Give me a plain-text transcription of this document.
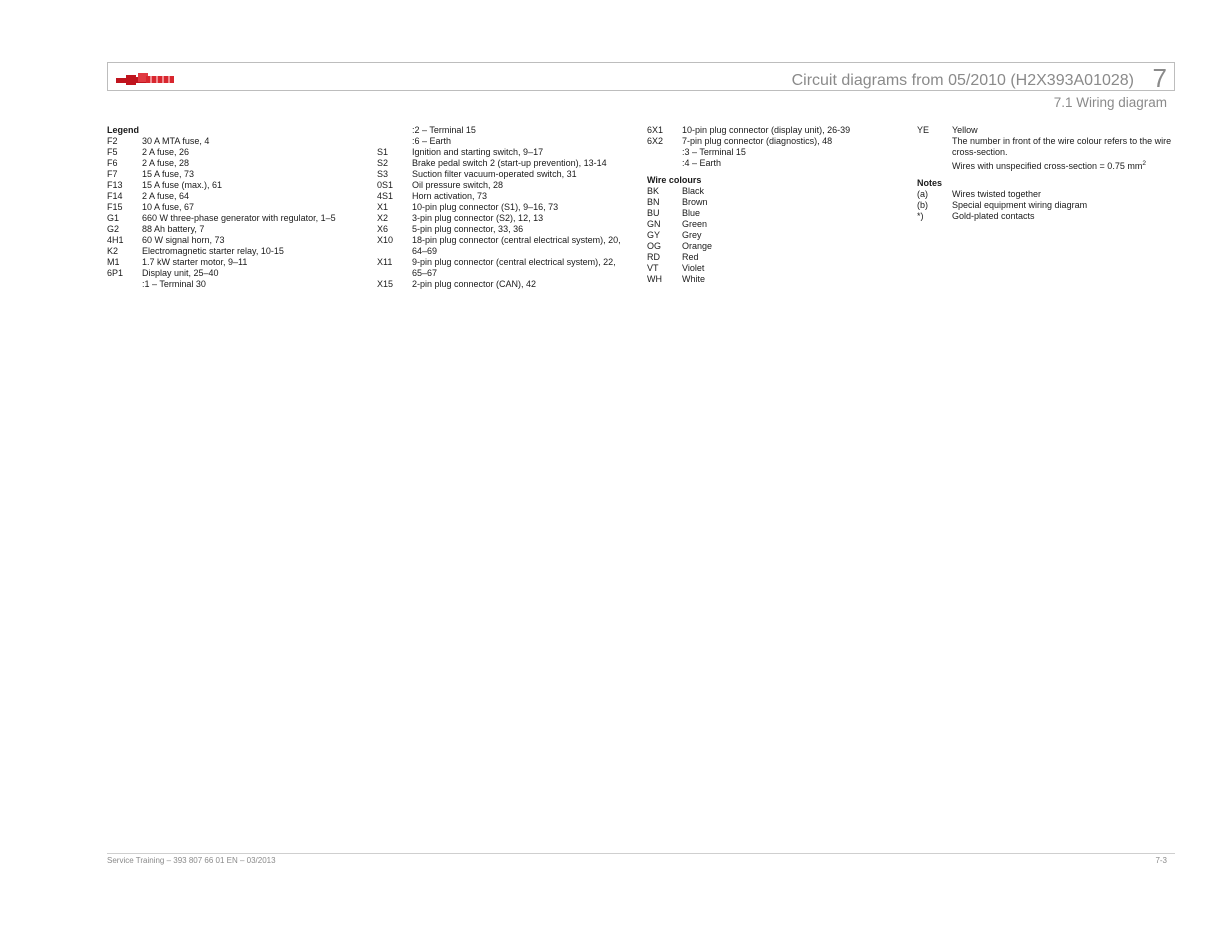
Circuit diagrams from 05/2010 (H2X393A01028) 7
7.1 Wiring diagram
Legend
F2	30 A MTA fuse, 4
F5	2 A fuse, 26
F6	2 A fuse, 28
F7	15 A fuse, 73
F13	15 A fuse (max.), 61
F14	2 A fuse, 64
F15	10 A fuse, 67
G1	660 W three-phase generator with regulator, 1–5
G2	88 Ah battery, 7
4H1	60 W signal horn, 73
K2	Electromagnetic starter relay, 10-15
M1	1.7 kW starter motor, 9–11
6P1	Display unit, 25–40
:1 – Terminal 30
:2 – Terminal 15
:6 – Earth
S1	Ignition and starting switch, 9–17
S2	Brake pedal switch 2 (start-up prevention), 13-14
S3	Suction filter vacuum-operated switch, 31
0S1	Oil pressure switch, 28
4S1	Horn activation, 73
X1	10-pin plug connector (S1), 9–16, 73
X2	3-pin plug connector (S2), 12, 13
X6	5-pin plug connector, 33, 36
X10	18-pin plug connector (central electrical system), 20,
64–69
X11	9-pin plug connector (central electrical system), 22,
65–67
X15	2-pin plug connector (CAN), 42
6X1	10-pin plug connector (display unit), 26-39
6X2	7-pin plug connector (diagnostics), 48
:3 – Terminal 15
:4 – Earth
Wire colours
BK	Black
BN	Brown
BU	Blue
GN	Green
GY	Grey
OG	Orange
RD	Red
VT	Violet
WH	White
YE	Yellow
The number in front of the wire colour refers to the wire
cross-section.
Wires with unspecified cross-section = 0.75 $mm^2$
Notes
(a)	Wires twisted together
(b)	Special equipment wiring diagram
*)	Gold-plated contacts
Service Training – 393 807 66 01 EN – 03/2013	7-3
